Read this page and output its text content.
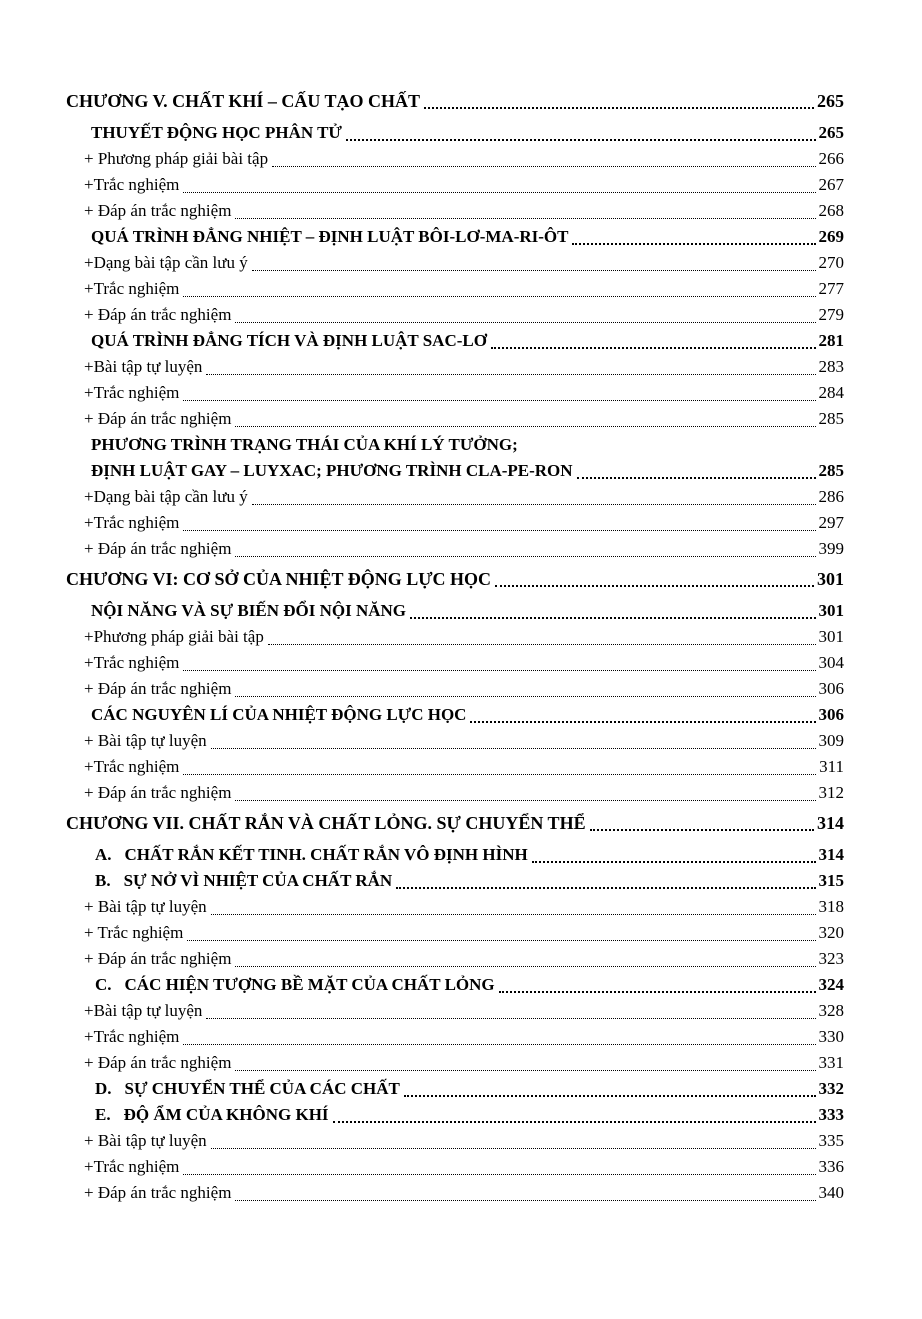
CHƯƠNG V. CHẤT KHÍ – CẤU TẠO CHẤT	265
THUYẾT ĐỘNG HỌC PHÂN TỬ	265
+ Phương pháp giải bài tập	266
+Trắc nghiệm	267
+ Đáp án trắc nghiệm	268
QUÁ TRÌNH ĐẲNG NHIỆT – ĐỊNH LUẬT BÔI-LƠ-MA-RI-ÔT	269
+Dạng bài tập cần lưu ý	270
+Trắc nghiệm	277
+ Đáp án trắc nghiệm	279
QUÁ TRÌNH ĐẲNG TÍCH VÀ ĐỊNH LUẬT SAC-LƠ	281
+Bài tập tự luyện	283
+Trắc nghiệm	284
+ Đáp án trắc nghiệm	285
PHƯƠNG TRÌNH TRẠNG THÁI CỦA KHÍ LÝ TƯỞNG;
ĐỊNH LUẬT GAY – LUYXAC; PHƯƠNG TRÌNH CLA-PE-RON	285
+Dạng bài tập cần lưu ý	286
+Trắc nghiệm	297
+ Đáp án trắc nghiệm	399
CHƯƠNG VI: CƠ SỞ CỦA NHIỆT ĐỘNG LỰC HỌC	301
NỘI NĂNG VÀ SỰ BIẾN ĐỔI NỘI NĂNG	301
+Phương pháp giải bài tập	301
+Trắc nghiệm	304
+ Đáp án trắc nghiệm	306
CÁC NGUYÊN LÍ CỦA NHIỆT ĐỘNG LỰC HỌC	306
+ Bài tập tự luyện	309
+Trắc nghiệm	311
+ Đáp án trắc nghiệm	312
CHƯƠNG VII. CHẤT RẮN VÀ CHẤT LỎNG. SỰ CHUYỂN THỂ	314
A. CHẤT RẮN KẾT TINH. CHẤT RẮN VÔ ĐỊNH HÌNH	314
B. SỰ NỞ VÌ NHIỆT CỦA CHẤT RẮN	315
+ Bài tập tự luyện	318
+ Trắc nghiệm	320
+ Đáp án trắc nghiệm	323
C. CÁC HIỆN TƯỢNG BỀ MẶT CỦA CHẤT LỎNG	324
+Bài tập tự luyện	328
+Trắc nghiệm	330
+ Đáp án trắc nghiệm	331
D. SỰ CHUYỂN THỂ CỦA CÁC CHẤT	332
E. ĐỘ ẨM CỦA KHÔNG KHÍ	333
+ Bài tập tự luyện	335
+Trắc nghiệm	336
+ Đáp án trắc nghiệm	340
